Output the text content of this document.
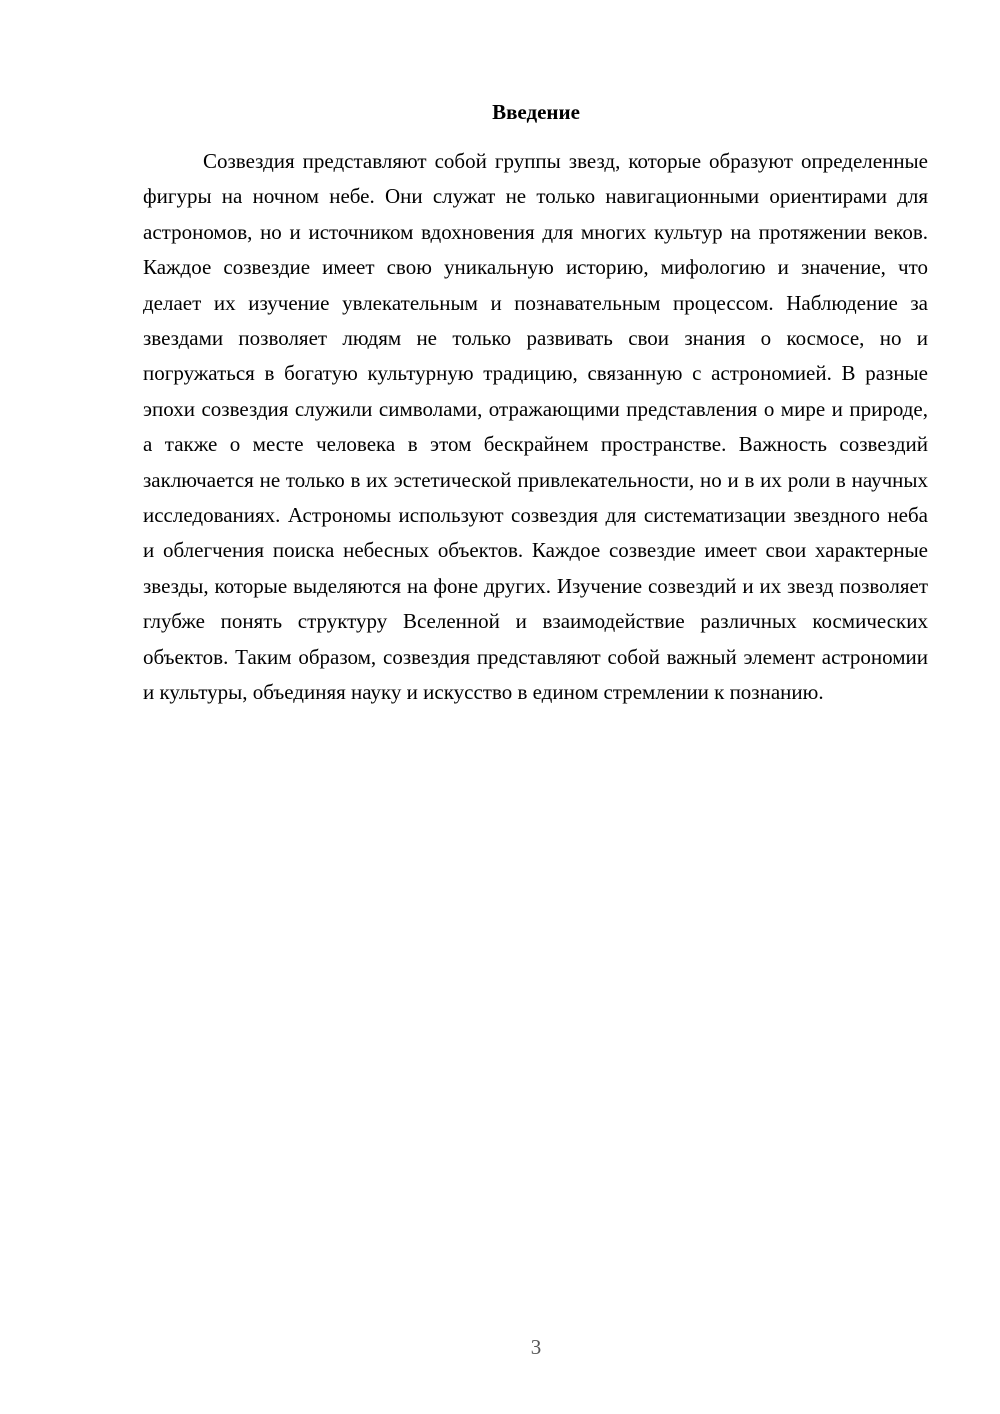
Введение

Созвездия представляют собой группы звезд, которые образуют определенные фигуры на ночном небе. Они служат не только навигационными ориентирами для астрономов, но и источником вдохновения для многих культур на протяжении веков. Каждое созвездие имеет свою уникальную историю, мифологию и значение, что делает их изучение увлекательным и познавательным процессом. Наблюдение за звездами позволяет людям не только развивать свои знания о космосе, но и погружаться в богатую культурную традицию, связанную с астрономией. В разные эпохи созвездия служили символами, отражающими представления о мире и природе, а также о месте человека в этом бескрайнем пространстве. Важность созвездий заключается не только в их эстетической привлекательности, но и в их роли в научных исследованиях. Астрономы используют созвездия для систематизации звездного неба и облегчения поиска небесных объектов. Каждое созвездие имеет свои характерные звезды, которые выделяются на фоне других. Изучение созвездий и их звезд позволяет глубже понять структуру Вселенной и взаимодействие различных космических объектов. Таким образом, созвездия представляют собой важный элемент астрономии и культуры, объединяя науку и искусство в едином стремлении к познанию.

3
